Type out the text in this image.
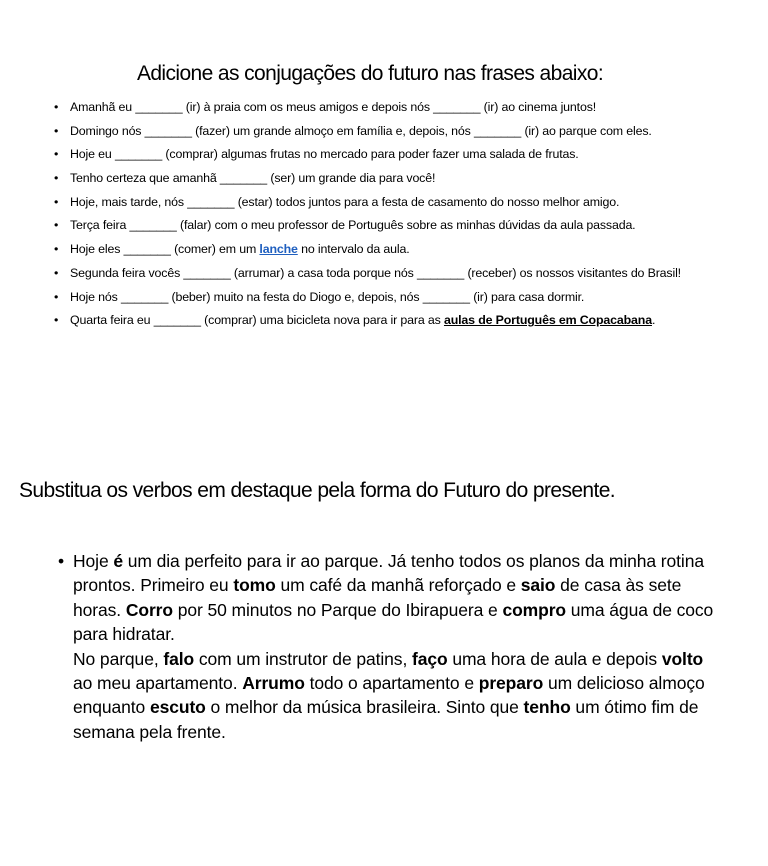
Adicione as conjugações do futuro nas frases abaixo:
• Amanhã eu _______ (ir) à praia com os meus amigos e depois nós _______ (ir) ao cinema juntos!
• Domingo nós _______ (fazer) um grande almoço em família e, depois, nós _______ (ir) ao parque com eles.
• Hoje eu _______ (comprar) algumas frutas no mercado para poder fazer uma salada de frutas.
• Tenho certeza que amanhã _______ (ser) um grande dia para você!
• Hoje, mais tarde, nós _______ (estar) todos juntos para a festa de casamento do nosso melhor amigo.
• Terça feira _______ (falar) com o meu professor de Português sobre as minhas dúvidas da aula passada.
• Hoje eles _______ (comer) em um lanche no intervalo da aula.
• Segunda feira vocês _______ (arrumar) a casa toda porque nós _______ (receber) os nossos visitantes do Brasil!
• Hoje nós _______ (beber) muito na festa do Diogo e, depois, nós _______ (ir) para casa dormir.
• Quarta feira eu _______ (comprar) uma bicicleta nova para ir para as aulas de Português em Copacabana.
Substitua os verbos em destaque pela forma do Futuro do presente.
• Hoje é um dia perfeito para ir ao parque. Já tenho todos os planos da minha rotina prontos. Primeiro eu tomo um café da manhã reforçado e saio de casa às sete horas. Corro por 50 minutos no Parque do Ibirapuera e compro uma água de coco para hidratar.
No parque, falo com um instrutor de patins, faço uma hora de aula e depois volto ao meu apartamento. Arrumo todo o apartamento e preparo um delicioso almoço enquanto escuto o melhor da música brasileira. Sinto que tenho um ótimo fim de semana pela frente.
